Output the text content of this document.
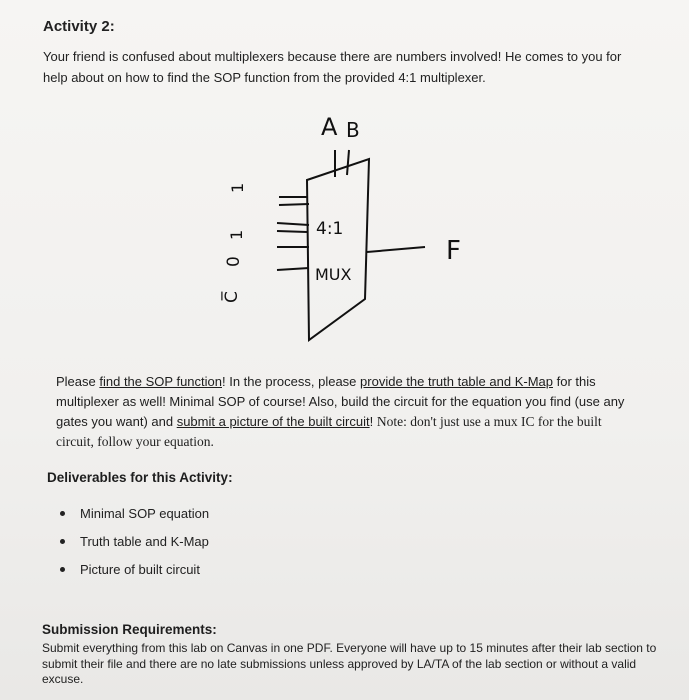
Activity 2:
Your friend is confused about multiplexers because there are numbers involved! He comes to you for help about on how to find the SOP function from the provided 4:1 multiplexer.
A B
1
1
0
C̅
4:1
MUX
F
Please find the SOP function! In the process, please provide the truth table and K-Map for this multiplexer as well! Minimal SOP of course! Also, build the circuit for the equation you find (use any gates you want) and submit a picture of the built circuit! Note: don't just use a mux IC for the built circuit, follow your equation.
Deliverables for this Activity:
Minimal SOP equation
Truth table and K-Map
Picture of built circuit
Submission Requirements:
Submit everything from this lab on Canvas in one PDF. Everyone will have up to 15 minutes after their lab section to submit their file and there are no late submissions unless approved by LA/TA of the lab section or without a valid excuse.
